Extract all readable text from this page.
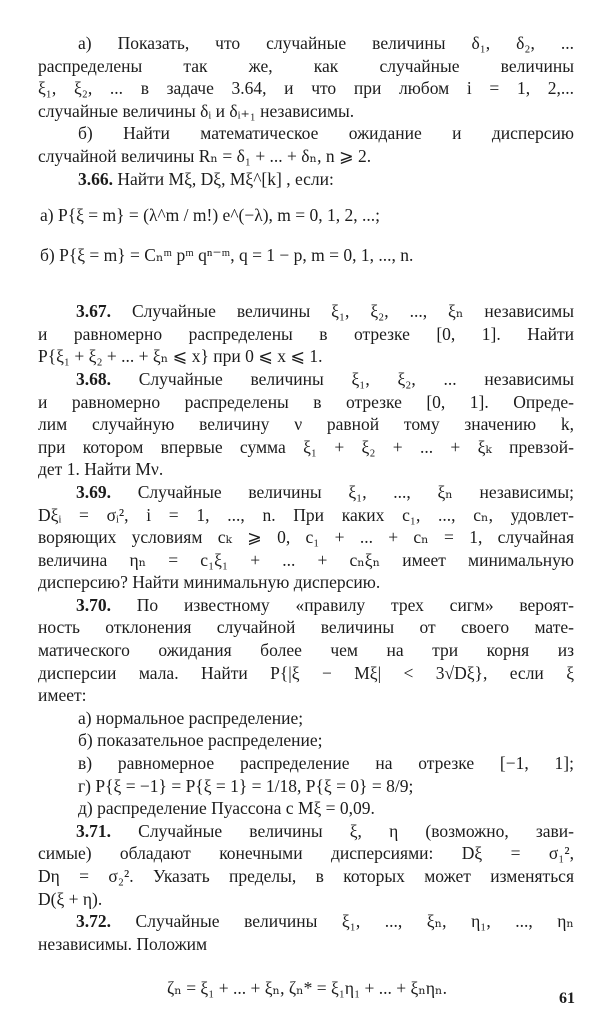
а) Показать, что случайные величины δ₁, δ₂, ...
распределены так же, как случайные величины
ξ₁, ξ₂, ... в задаче 3.64, и что при любом i = 1, 2,...
случайные величины δᵢ и δᵢ₊₁ независимы.
б) Найти математическое ожидание и дисперсию
случайной величины Rₙ = δ₁ + ... + δₙ, n ⩾ 2.
3.66. Найти Mξ, Dξ, Mξ^[k] , если:
а) P{ξ = m} = (λ^m / m!) e^(−λ), m = 0, 1, 2, ...;
б) P{ξ = m} = Cₙᵐ pᵐ qⁿ⁻ᵐ, q = 1 − p, m = 0, 1, ..., n.
3.67. Случайные величины ξ₁, ξ₂, ..., ξₙ независимы
и равномерно распределены в отрезке [0, 1]. Найти
P{ξ₁ + ξ₂ + ... + ξₙ ⩽ x} при 0 ⩽ x ⩽ 1.
3.68. Случайные величины ξ₁, ξ₂, ... независимы
и равномерно распределены в отрезке [0, 1]. Опреде-
лим случайную величину ν равной тому значению k,
при котором впервые сумма ξ₁ + ξ₂ + ... + ξₖ превзой-
дет 1. Найти Mν.
3.69. Случайные величины ξ₁, ..., ξₙ независимы;
Dξᵢ = σᵢ², i = 1, ..., n. При каких c₁, ..., cₙ, удовлет-
воряющих условиям cₖ ⩾ 0, c₁ + ... + cₙ = 1, случайная
величина ηₙ = c₁ξ₁ + ... + cₙξₙ имеет минимальную
дисперсию? Найти минимальную дисперсию.
3.70. По известному «правилу трех сигм» вероят-
ность отклонения случайной величины от своего мате-
матического ожидания более чем на три корня из
дисперсии мала. Найти P{|ξ − Mξ| < 3√Dξ}, если ξ
имеет:
а) нормальное распределение;
б) показательное распределение;
в) равномерное распределение на отрезке [−1, 1];
г) P{ξ = −1} = P{ξ = 1} = 1/18, P{ξ = 0} = 8/9;
д) распределение Пуассона с Mξ = 0,09.
3.71. Случайные величины ξ, η (возможно, зави-
симые) обладают конечными дисперсиями: Dξ = σ₁²,
Dη = σ₂². Указать пределы, в которых может изменяться
D(ξ + η).
3.72. Случайные величины ξ₁, ..., ξₙ, η₁, ..., ηₙ
независимы. Положим
ζₙ = ξ₁ + ... + ξₙ, ζₙ* = ξ₁η₁ + ... + ξₙηₙ.
61
